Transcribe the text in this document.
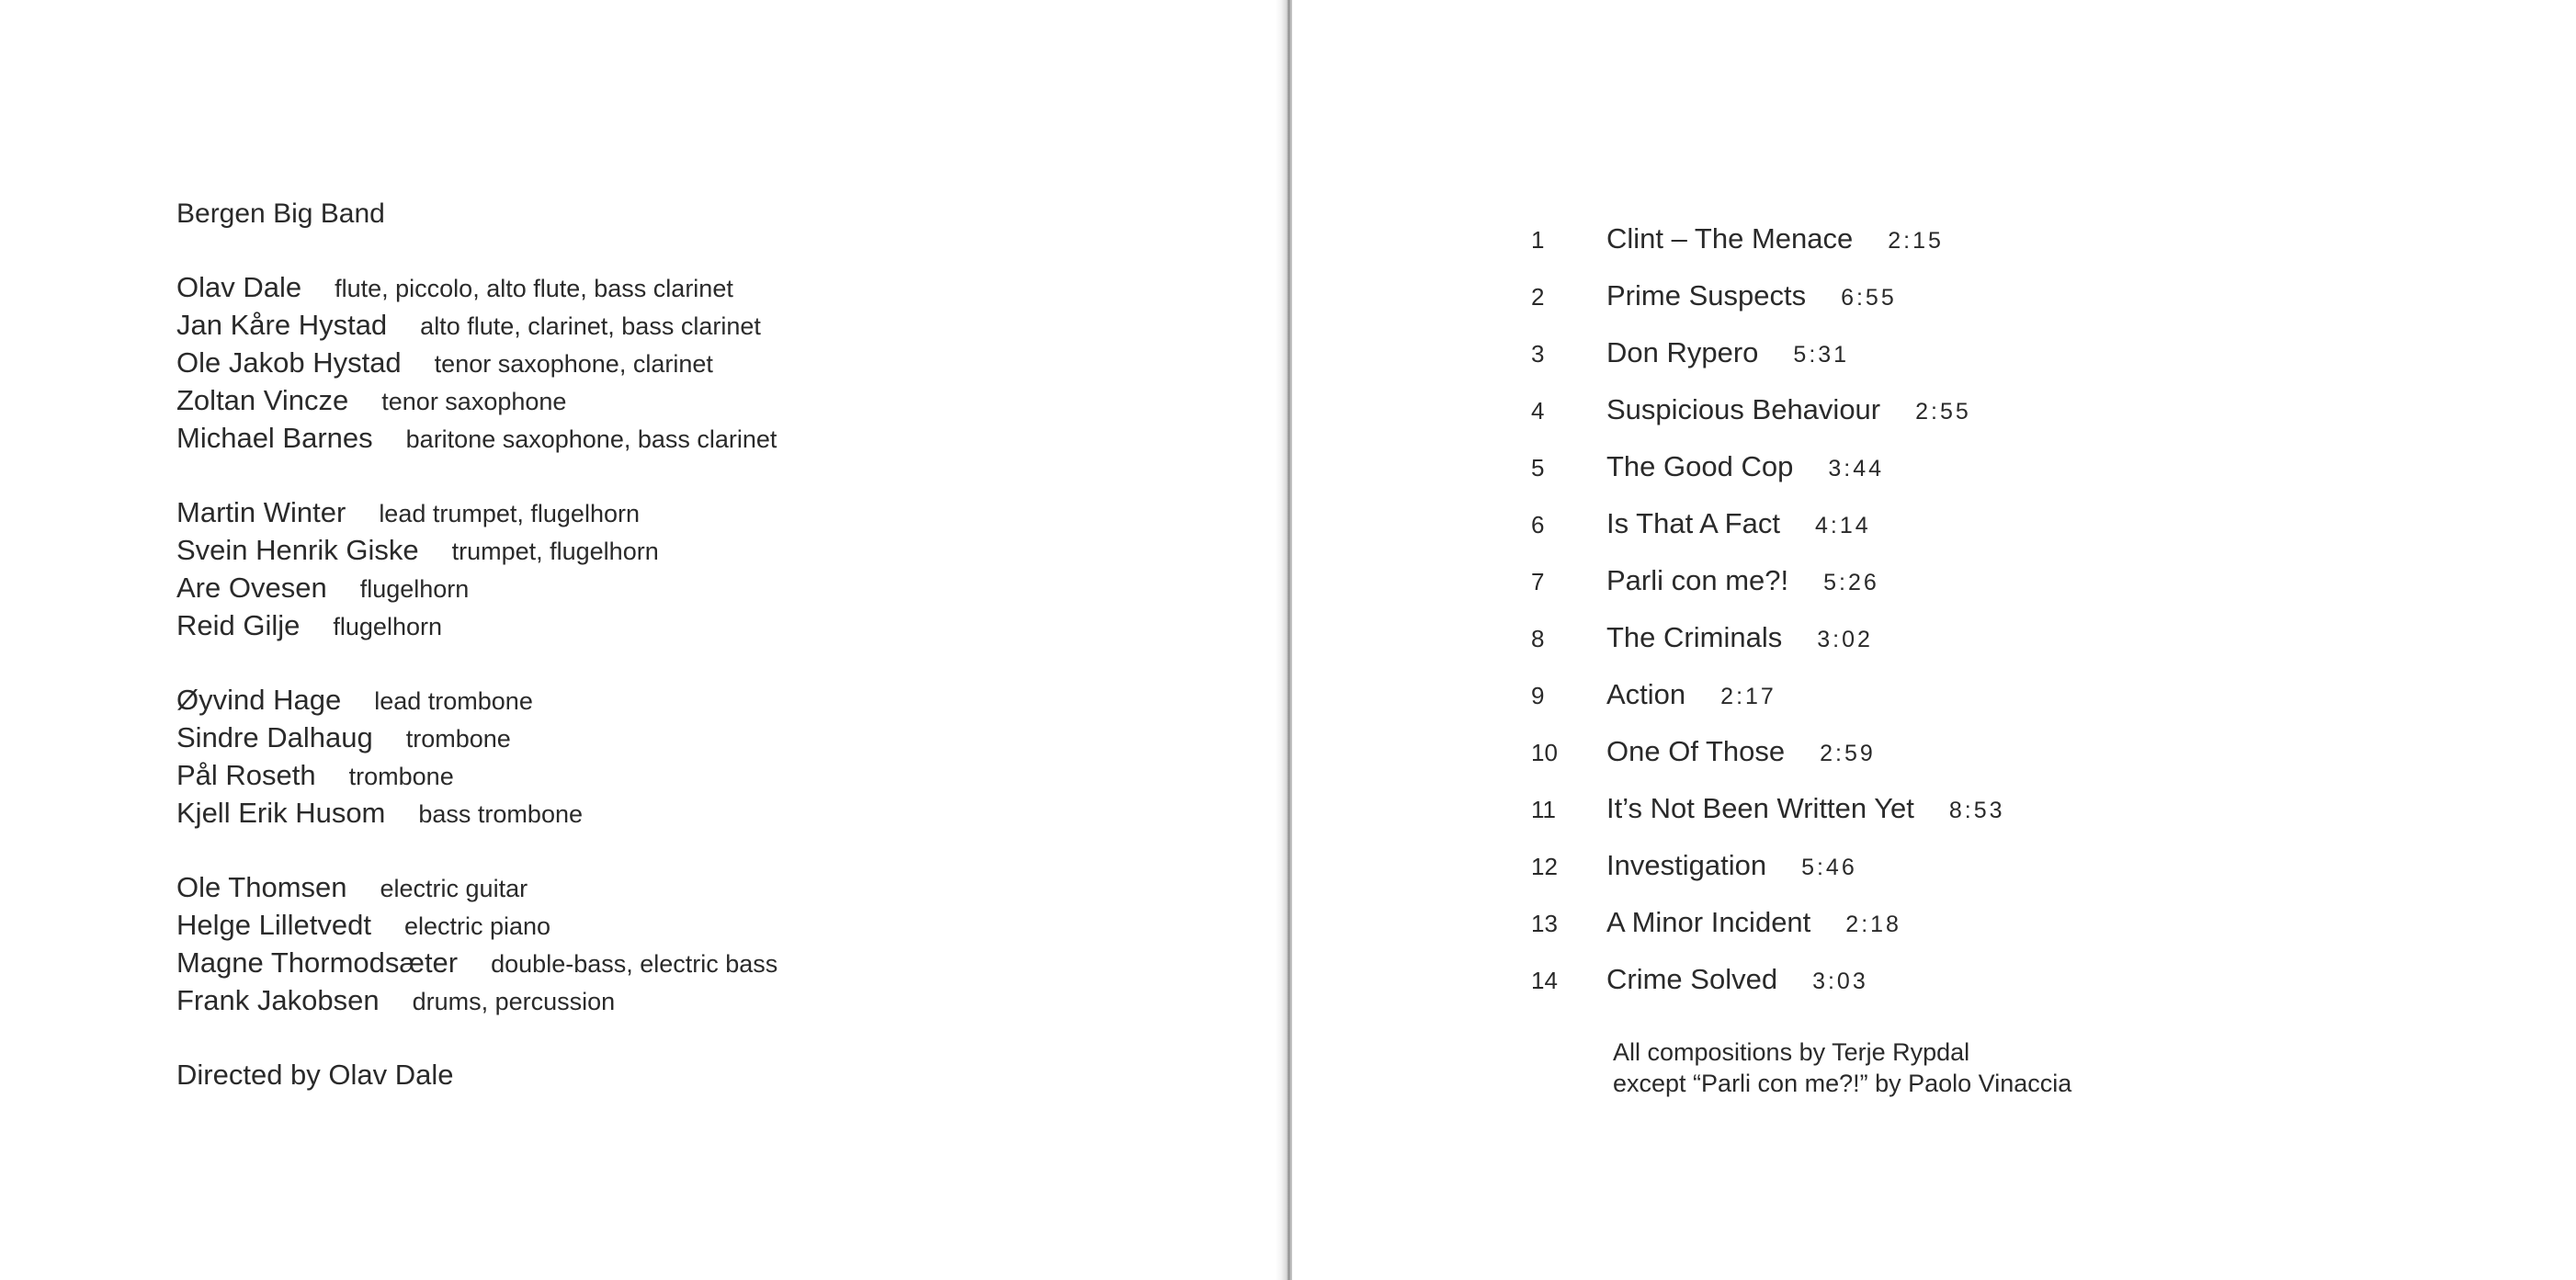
Bergen Big Band
Olav Dale flute, piccolo, alto flute, bass clarinet
Jan Kåre Hystad alto flute, clarinet, bass clarinet
Ole Jakob Hystad tenor saxophone, clarinet
Zoltan Vincze tenor saxophone
Michael Barnes baritone saxophone, bass clarinet
Martin Winter lead trumpet, flugelhorn
Svein Henrik Giske trumpet, flugelhorn
Are Ovesen flugelhorn
Reid Gilje flugelhorn
Øyvind Hage lead trombone
Sindre Dalhaug trombone
Pål Roseth trombone
Kjell Erik Husom bass trombone
Ole Thomsen electric guitar
Helge Lilletvedt electric piano
Magne Thormodsæter double-bass, electric bass
Frank Jakobsen drums, percussion
Directed by Olav Dale
1	Clint – The Menace 2:15
2	Prime Suspects 6:55
3	Don Rypero 5:31
4	Suspicious Behaviour 2:55
5	The Good Cop 3:44
6	Is That A Fact 4:14
7	Parli con me?! 5:26
8	The Criminals 3:02
9	Action 2:17
10	One Of Those 2:59
11	It’s Not Been Written Yet 8:53
12	Investigation 5:46
13	A Minor Incident 2:18
14	Crime Solved 3:03
All compositions by Terje Rypdal
except “Parli con me?!” by Paolo Vinaccia
